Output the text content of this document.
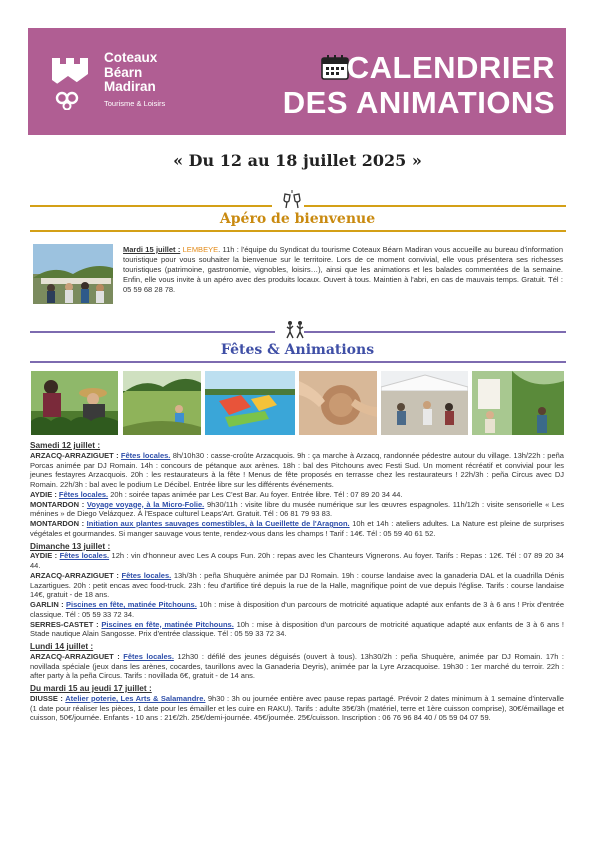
Coteaux
Béarn
Madiran
Tourisme & Loisirs
CALENDRIER
DES ANIMATIONS
« Du 12 au 18 juillet 2025 »
Apéro de bienvenue

Mardi 15 juillet : LEMBEYE. 11h : l'équipe du Syndicat du tourisme Coteaux Béarn Madiran vous accueille au bureau d'information touristique pour vous souhaiter la bienvenue sur le territoire. Lors de ce moment convivial, elle vous présentera ses richesses touristiques (patrimoine, gastronomie, vignobles, loisirs…), ainsi que les animations et les balades commentées de la semaine. Enfin, elle vous invite à un apéro avec des produits locaux. Ouvert à tous. Maintien à l'abri, en cas de mauvais temps. Gratuit. Tél : 05 59 68 28 78.

Fêtes & Animations

Samedi 12 juillet :

ARZACQ-ARRAZIGUET : Fêtes locales. 8h/10h30 : casse-croûte Arzacquois. 9h : ça marche à Arzacq, randonnée pédestre autour du village. 13h/22h : peña Porcas animée par DJ Romain. 14h : concours de pétanque aux arènes. 18h : bal des Pitchouns avec Festi Sud. Un moment récréatif et convivial pour les jeunes festayres Arzacquois. 20h : les restaurateurs à la fête ! Menus de fête proposés en terrasse chez les restaurateurs ! 22h/3h : peña Circus avec DJ Romain. 22h/3h : bal avec le podium Le Décibel. Entrée libre sur les différents événements.

AYDIE : Fêtes locales. 20h : soirée tapas animée par Les C'est Bar. Au foyer. Entrée libre. Tél : 07 89 20 34 44.

MONTARDON : Voyage voyage, à la Micro-Folie. 9h30/11h : visite libre du musée numérique sur les œuvres espagnoles. 11h/12h : visite sensorielle « Les ménines » de Diego Velázquez. À l'Espace culturel Leaps'Art. Gratuit. Tél : 06 81 79 93 83.

MONTARDON : Initiation aux plantes sauvages comestibles, à la Cueillette de l'Aragnon. 10h et 14h : ateliers adultes. La Nature est pleine de surprises végétales et gourmandes. Si manger sauvage vous tente, rendez-vous dans les champs ! Tarif : 14€. Tél : 05 59 40 61 52.

Dimanche 13 juillet :

AYDIE : Fêtes locales. 12h : vin d'honneur avec Les A coups Fun. 20h : repas avec les Chanteurs Vignerons. Au foyer. Tarifs : Repas : 12€. Tél : 07 89 20 34 44.

ARZACQ-ARRAZIGUET : Fêtes locales. 13h/3h : peña Shuquère animée par DJ Romain. 19h : course landaise avec la ganaderia DAL et la cuadrilla Dénis Lazartigues. 20h : petit encas avec food-truck. 23h : feu d'artifice tiré depuis la rue de la Halle, magnifique point de vue depuis l'église. Tarifs : course landaise 14€, gratuit - de 18 ans.

GARLIN : Piscines en fête, matinée Pitchouns. 10h : mise à disposition d'un parcours de motricité aquatique adapté aux enfants de 3 à 6 ans ! Prix d'entrée classique. Tél : 05 59 33 72 34.

SERRES-CASTET : Piscines en fête, matinée Pitchouns. 10h : mise à disposition d'un parcours de motricité aquatique adapté aux enfants de 3 à 6 ans ! Stade nautique Alain Sangosse. Prix d'entrée classique. Tél : 05 59 33 72 34.

Lundi 14 juillet :

ARZACQ-ARRAZIGUET : Fêtes locales. 12h30 : défilé des jeunes déguisés (ouvert à tous). 13h30/2h : peña Shuquère, animée par DJ Romain. 17h : novillada spéciale (jeux dans les arènes, cocardes, taurillons avec la Ganaderia Deyris), animée par la Lyre Arzacquoise. 19h30 : 1er marché du terroir. 22h : after party à la peña Circus. Tarifs : novillada 6€, gratuit - de 14 ans.

Du mardi 15 au jeudi 17 juillet :

DIUSSE : Atelier poterie, Les Arts & Salamandre. 9h30 : 3h ou journée entière avec pause repas partagé. Prévoir 2 dates minimum à 1 semaine d'intervalle (1 date pour réaliser les pièces, 1 date pour les émailler et les cuire en RAKU). Tarifs : adulte 35€/3h (matériel, terre et 1ère cuisson comprise), 30€/émaillage et cuisson, 50€/journée. Enfants - 10 ans : 21€/2h. 25€/demi-journée. 45€/journée. 25€/cuisson. Inscription : 06 76 96 84 40 / 05 59 04 07 59.
